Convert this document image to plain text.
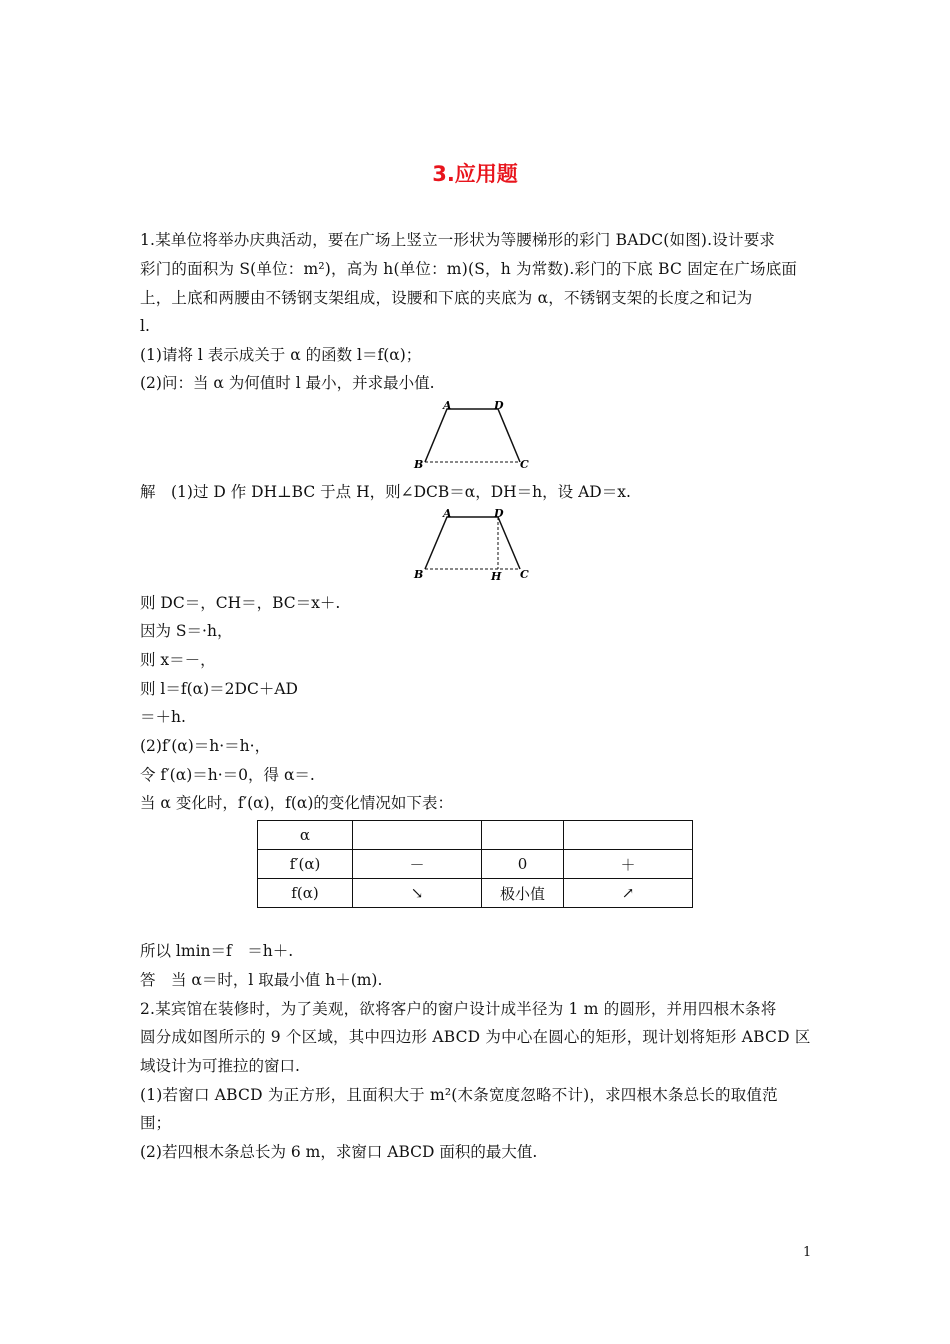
3.应用题
1.某单位将举办庆典活动，要在广场上竖立一形状为等腰梯形的彩门 BADC(如图).设计要求
彩门的面积为 S(单位：m²)，高为 h(单位：m)(S，h 为常数).彩门的下底 BC 固定在广场底面
上，上底和两腰由不锈钢支架组成，设腰和下底的夹底为 α，不锈钢支架的长度之和记为
l.
(1)请将 l 表示成关于 α 的函数 l＝f(α)；
(2)问：当 α 为何值时 l 最小，并求最小值.
A	D
B	C
解　(1)过 D 作 DH⊥BC 于点 H，则∠DCB＝α，DH＝h，设 AD＝x.
A	D
B	H C
则 DC＝，CH＝，BC＝x＋.
因为 S＝·h，
则 x＝－，
则 l＝f(α)＝2DC＋AD
＝＋h.
(2)f′(α)＝h·＝h·，
令 f′(α)＝h·＝0，得 α＝.
当 α 变化时，f′(α)，f(α)的变化情况如下表：
α			
f′(α)	－	0	＋
f(α)	↘	极小值	↗
所以 lmin＝f　＝h＋.
答　当 α＝时，l 取最小值 h＋(m).
2.某宾馆在装修时，为了美观，欲将客户的窗户设计成半径为 1 m 的圆形，并用四根木条将
圆分成如图所示的 9 个区域，其中四边形 ABCD 为中心在圆心的矩形，现计划将矩形 ABCD 区
域设计为可推拉的窗口.
(1)若窗口 ABCD 为正方形，且面积大于 m²(木条宽度忽略不计)，求四根木条总长的取值范
围；
(2)若四根木条总长为 6 m，求窗口 ABCD 面积的最大值.
1
